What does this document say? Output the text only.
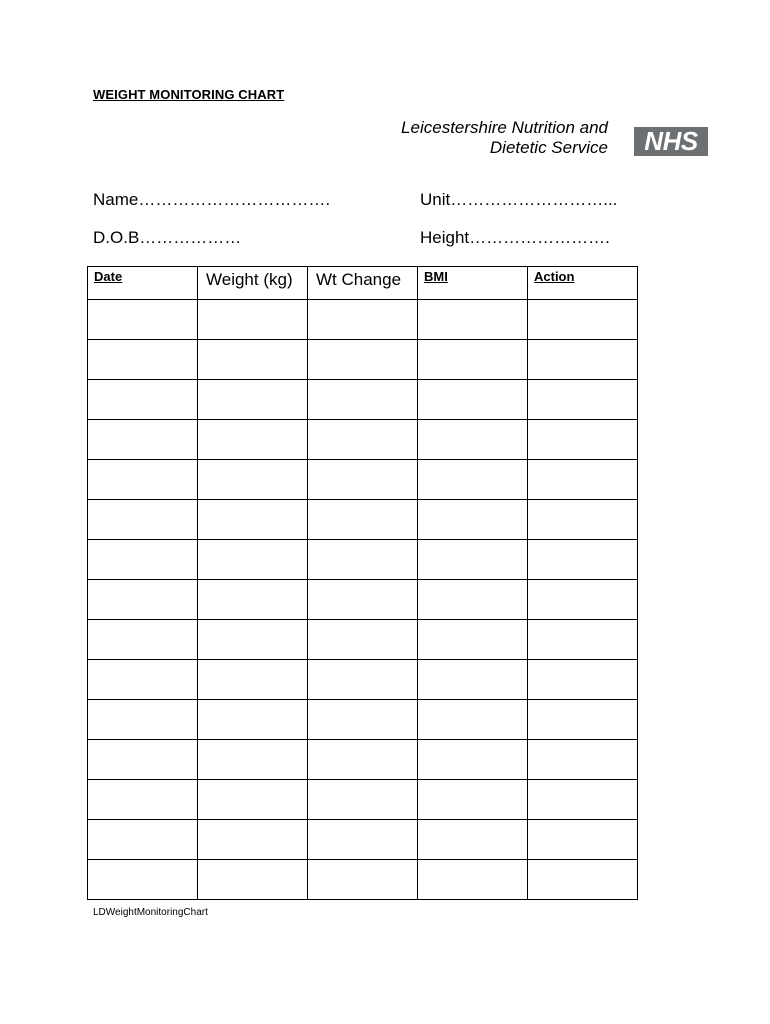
WEIGHT MONITORING CHART
Leicestershire Nutrition and
Dietetic Service	NHS
Name…………………………….	Unit………………………...
D.O.B………………	Height…………………….
Date	Weight (kg)	Wt Change	BMI	Action

LDWeightMonitoringChart
